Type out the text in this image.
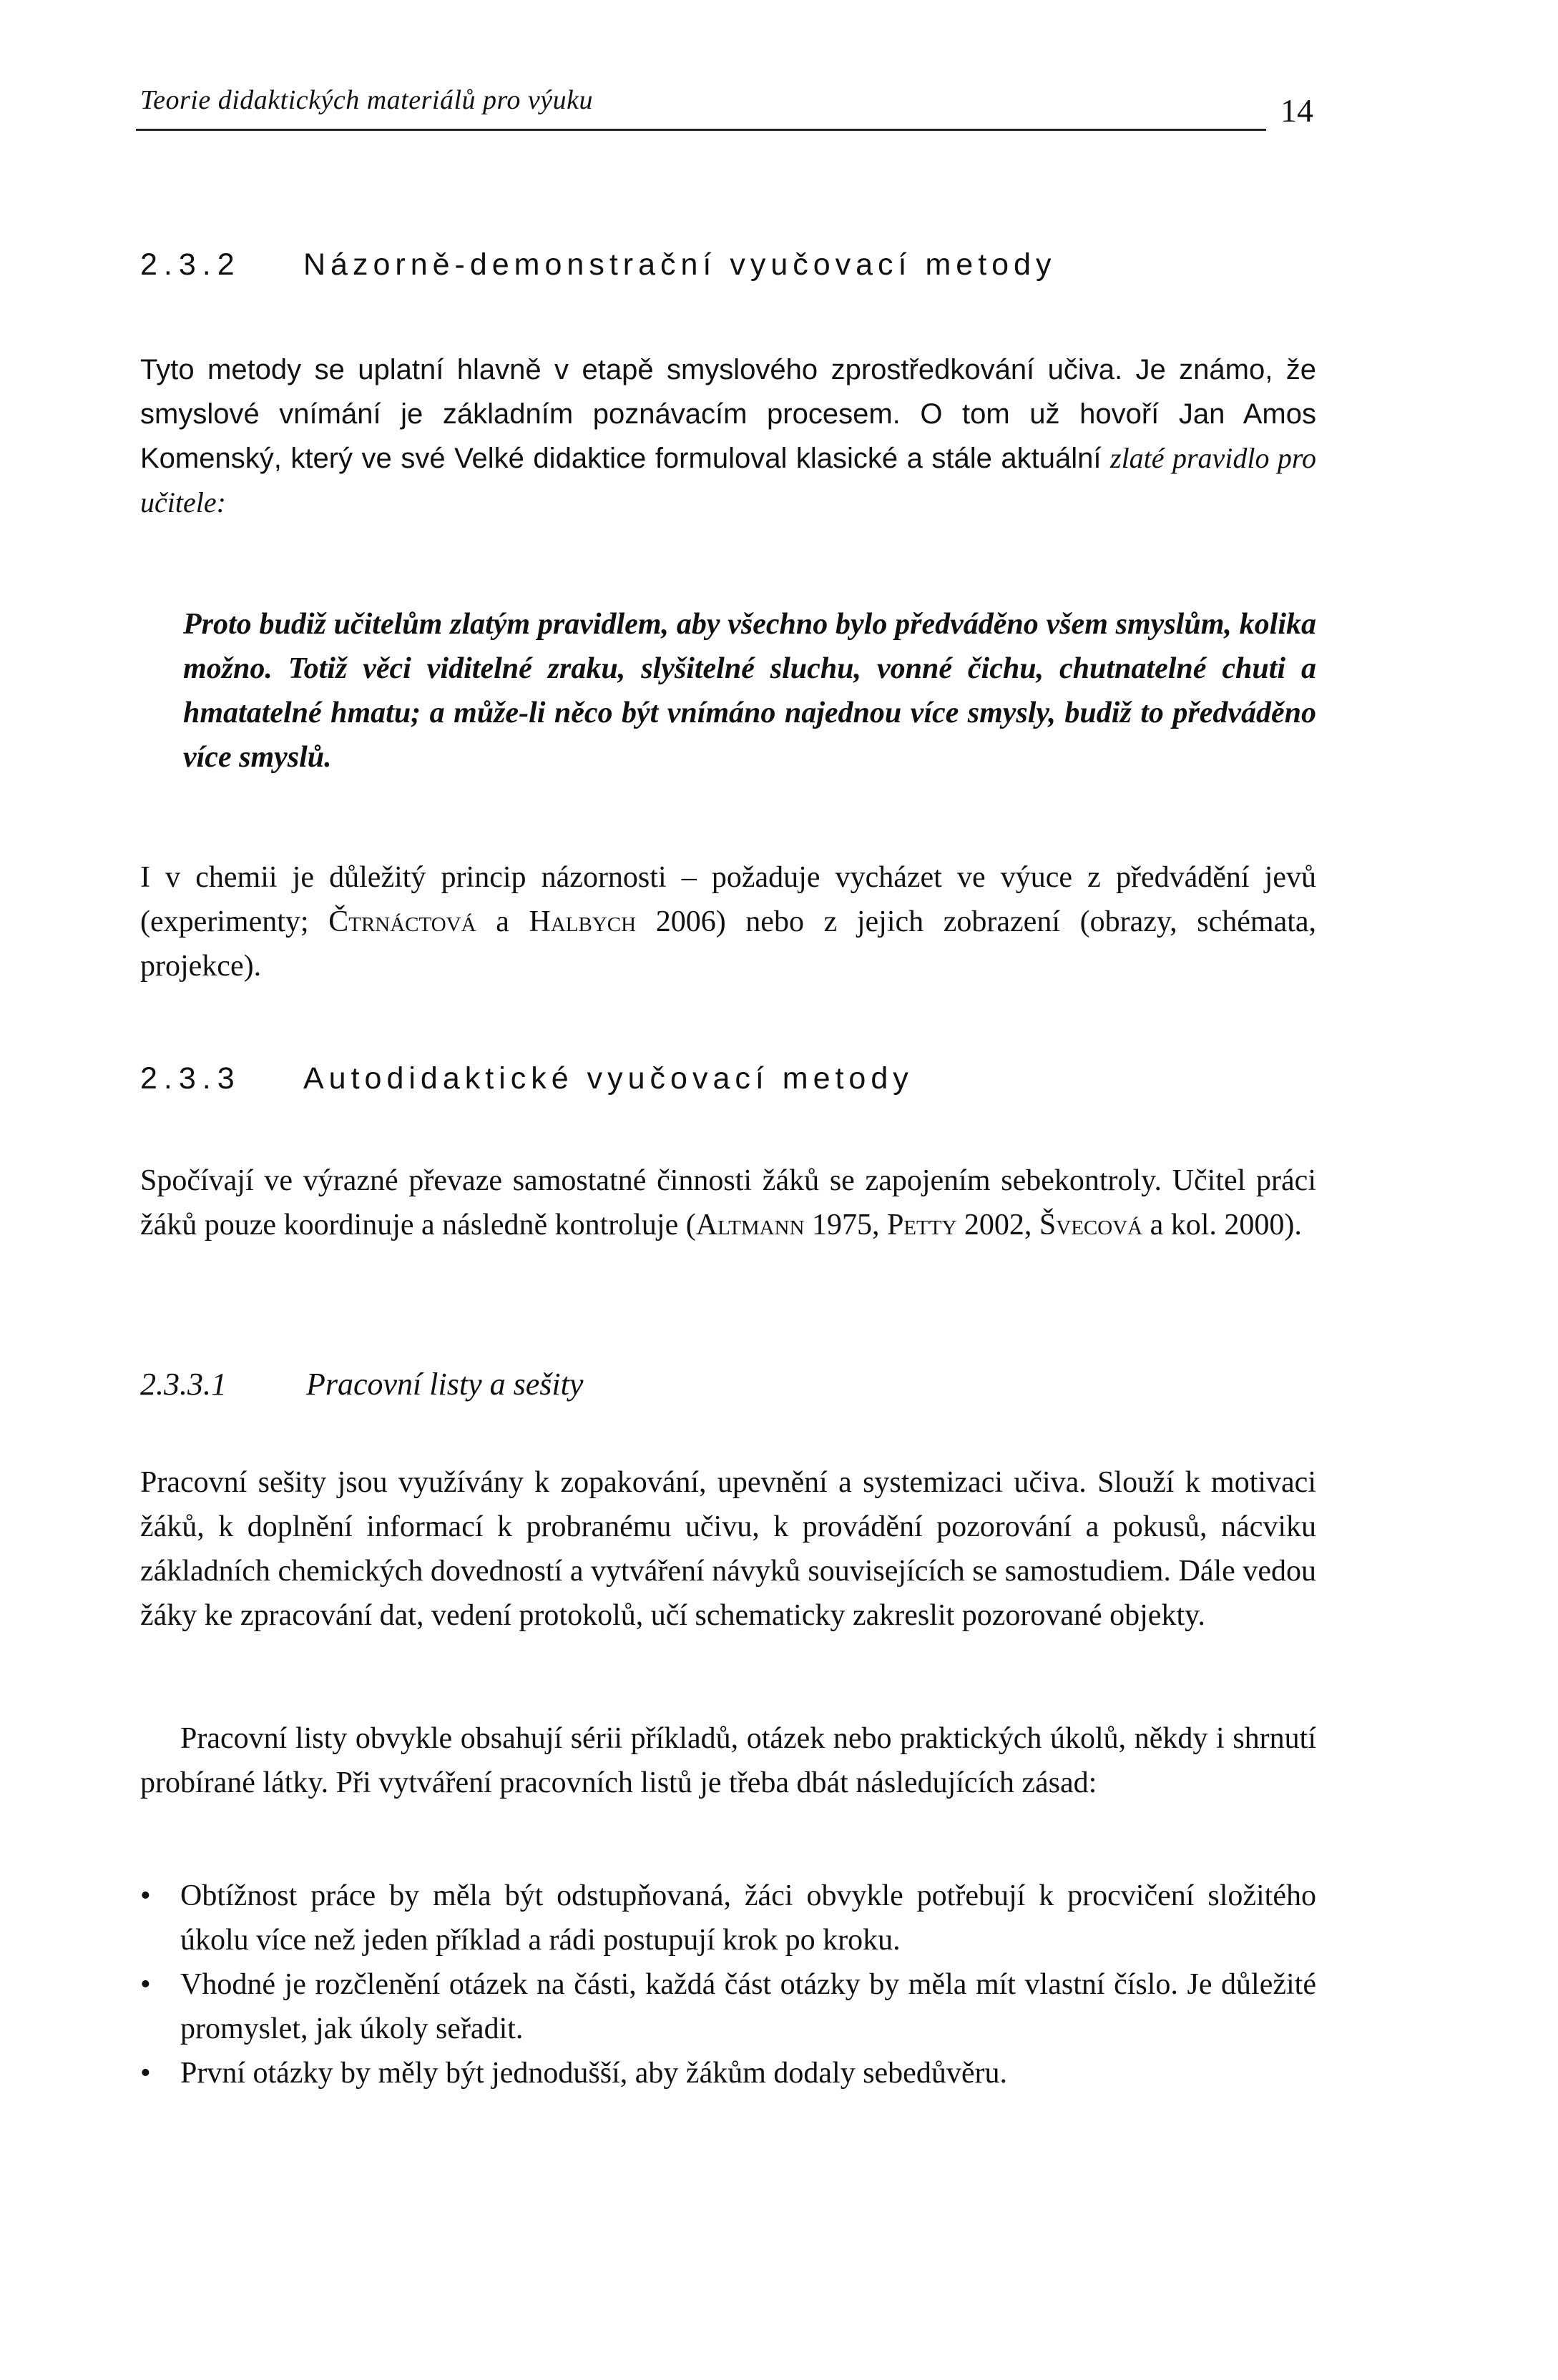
Teorie didaktických materiálů pro výuku	14
2.3.2 Názorně-demonstrační vyučovací metody

Tyto metody se uplatní hlavně v etapě smyslového zprostředkování učiva. Je známo, že smyslové vnímání je základním poznávacím procesem. O tom už hovoří Jan Amos Komenský, který ve své Velké didaktice formuloval klasické a stále aktuální zlaté pravidlo pro učitele:

Proto budiž učitelům zlatým pravidlem, aby všechno bylo předváděno všem smyslům, kolika možno. Totiž věci viditelné zraku, slyšitelné sluchu, vonné čichu, chutnatelné chuti a hmatatelné hmatu; a může-li něco být vnímáno najednou více smysly, budiž to předváděno více smyslů.

I v chemii je důležitý princip názornosti – požaduje vycházet ve výuce z předvádění jevů (experimenty; Čtrnáctová a Halbych 2006) nebo z jejich zobrazení (obrazy, schémata, projekce).

2.3.3 Autodidaktické vyučovací metody

Spočívají ve výrazné převaze samostatné činnosti žáků se zapojením sebekontroly. Učitel práci žáků pouze koordinuje a následně kontroluje (Altmann 1975, Petty 2002, Švecová a kol. 2000).

2.3.3.1	Pracovní listy a sešity

Pracovní sešity jsou využívány k zopakování, upevnění a systemizaci učiva. Slouží k motivaci žáků, k doplnění informací k probranému učivu, k provádění pozorování a pokusů, nácviku základních chemických dovedností a vytváření návyků souvisejících se samostudiem. Dále vedou žáky ke zpracování dat, vedení protokolů, učí schematicky zakreslit pozorované objekty.

Pracovní listy obvykle obsahují sérii příkladů, otázek nebo praktických úkolů, někdy i shrnutí probírané látky. Při vytváření pracovních listů je třeba dbát následujících zásad:

• Obtížnost práce by měla být odstupňovaná, žáci obvykle potřebují k procvičení složitého úkolu více než jeden příklad a rádi postupují krok po kroku.
• Vhodné je rozčlenění otázek na části, každá část otázky by měla mít vlastní číslo. Je důležité promyslet, jak úkoly seřadit.
• První otázky by měly být jednodušší, aby žákům dodaly sebedůvěru.
